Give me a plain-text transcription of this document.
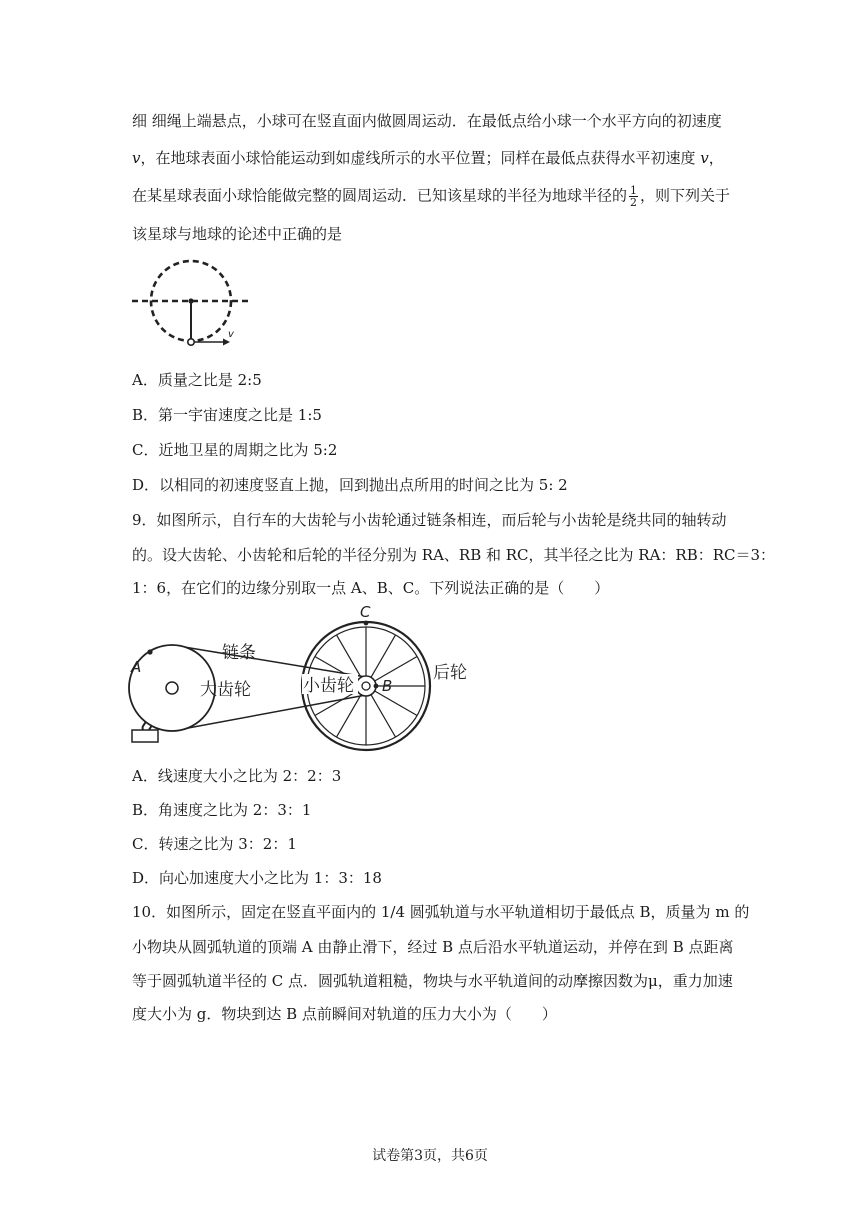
细 细绳上端悬点，小球可在竖直面内做圆周运动．在最低点给小球一个水平方向的初速度
v，在地球表面小球恰能运动到如虚线所示的水平位置；同样在最低点获得水平初速度 v，
在某星球表面小球恰能做完整的圆周运动．已知该星球的半径为地球半径的 $\frac{1}{2}$ ，则下列关于
该星球与地球的论述中正确的是
v
A．质量之比是 2:5
B．第一宇宙速度之比是 1:5
C．近地卫星的周期之比为 5:2
D．以相同的初速度竖直上抛，回到抛出点所用的时间之比为 5: 2
9．如图所示，自行车的大齿轮与小齿轮通过链条相连，而后轮与小齿轮是绕共同的轴转动
的。设大齿轮、小齿轮和后轮的半径分别为 RA、RB 和 RC，其半径之比为 RA：RB：RC＝3：
1：6，在它们的边缘分别取一点 A、B、C。下列说法正确的是（　　）
A
C
B
链条
大齿轮	小齿轮
后轮
A．线速度大小之比为 2：2：3
B．角速度之比为 2：3：1
C．转速之比为 3：2：1
D．向心加速度大小之比为 1：3：18
10．如图所示，固定在竖直平面内的 1/4 圆弧轨道与水平轨道相切于最低点 B，质量为 m 的
小物块从圆弧轨道的顶端 A 由静止滑下，经过 B 点后沿水平轨道运动，并停在到 B 点距离
等于圆弧轨道半径的 C 点．圆弧轨道粗糙，物块与水平轨道间的动摩擦因数为μ，重力加速
度大小为 g．物块到达 B 点前瞬间对轨道的压力大小为（　　）
试卷第3页，共6页
